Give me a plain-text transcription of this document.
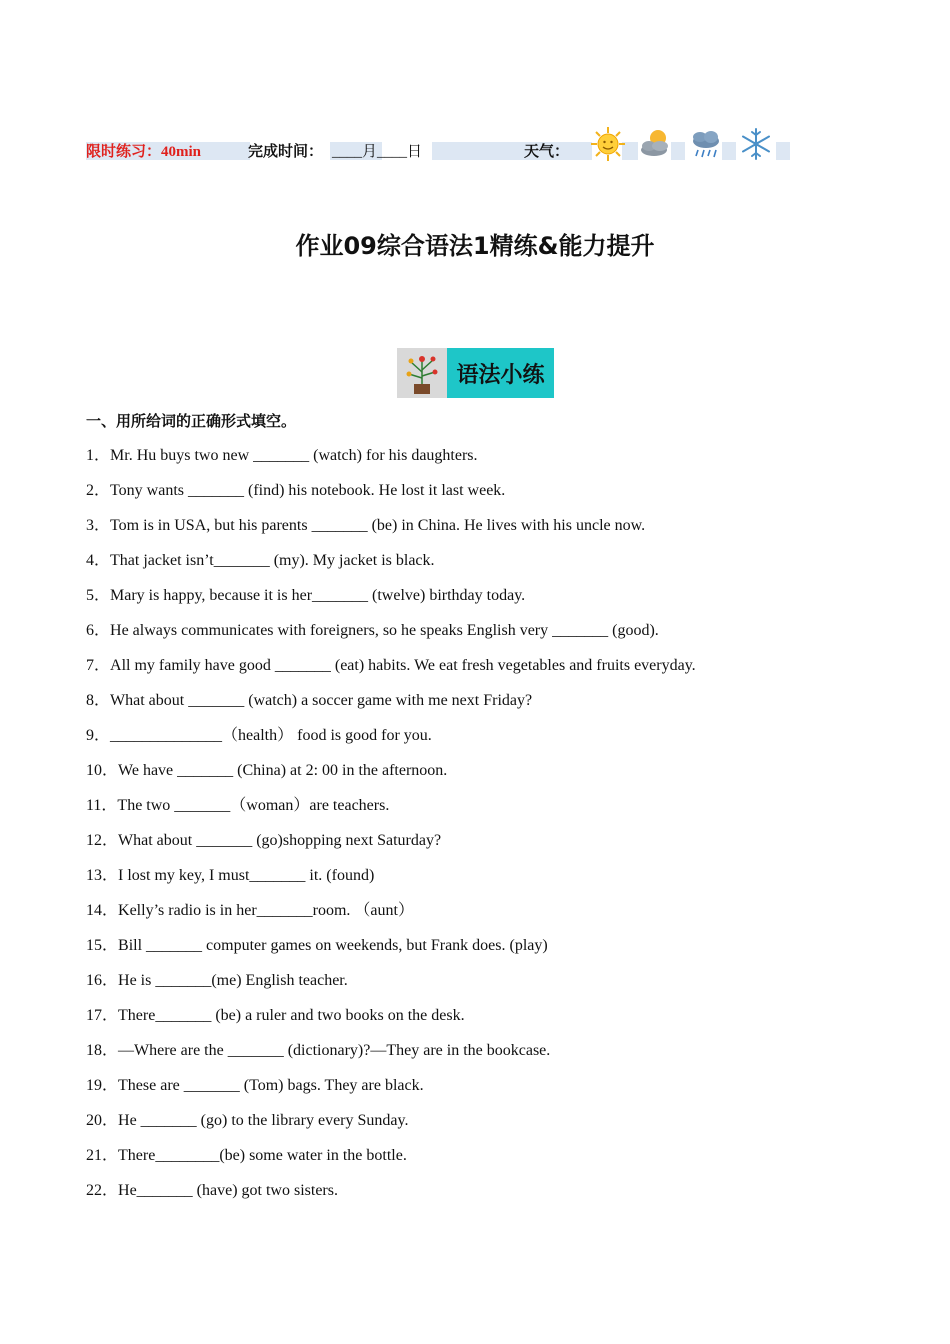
限时练习：40min	完成时间： ____月____日	天气：
作业09综合语法1精练&能力提升
语法小练
一、用所给词的正确形式填空。
1．Mr. Hu buys two new _______ (watch) for his daughters.
2．Tony wants _______ (find) his notebook. He lost it last week.
3．Tom is in USA, but his parents _______ (be) in China. He lives with his uncle now.
4．That jacket isn’t_______ (my). My jacket is black.
5．Mary is happy, because it is her_______ (twelve) birthday today.
6．He always communicates with foreigners, so he speaks English very _______ (good).
7．All my family have good _______ (eat) habits. We eat fresh vegetables and fruits everyday.
8．What about _______ (watch) a soccer game with me next Friday?
9．______________（health） food is good for you.
10．We have _______ (China) at 2: 00 in the afternoon.
11．The two _______（woman）are teachers.
12．What about _______ (go)shopping next Saturday?
13．I lost my key, I must_______ it. (found)
14．Kelly’s radio is in her_______room. （aunt）
15．Bill _______ computer games on weekends, but Frank does. (play)
16．He is _______(me) English teacher.
17．There_______ (be) a ruler and two books on the desk.
18．—Where are the _______ (dictionary)?—They are in the bookcase.
19．These are _______ (Tom) bags. They are black.
20．He _______ (go) to the library every Sunday.
21．There________(be) some water in the bottle.
22．He_______ (have) got two sisters.
